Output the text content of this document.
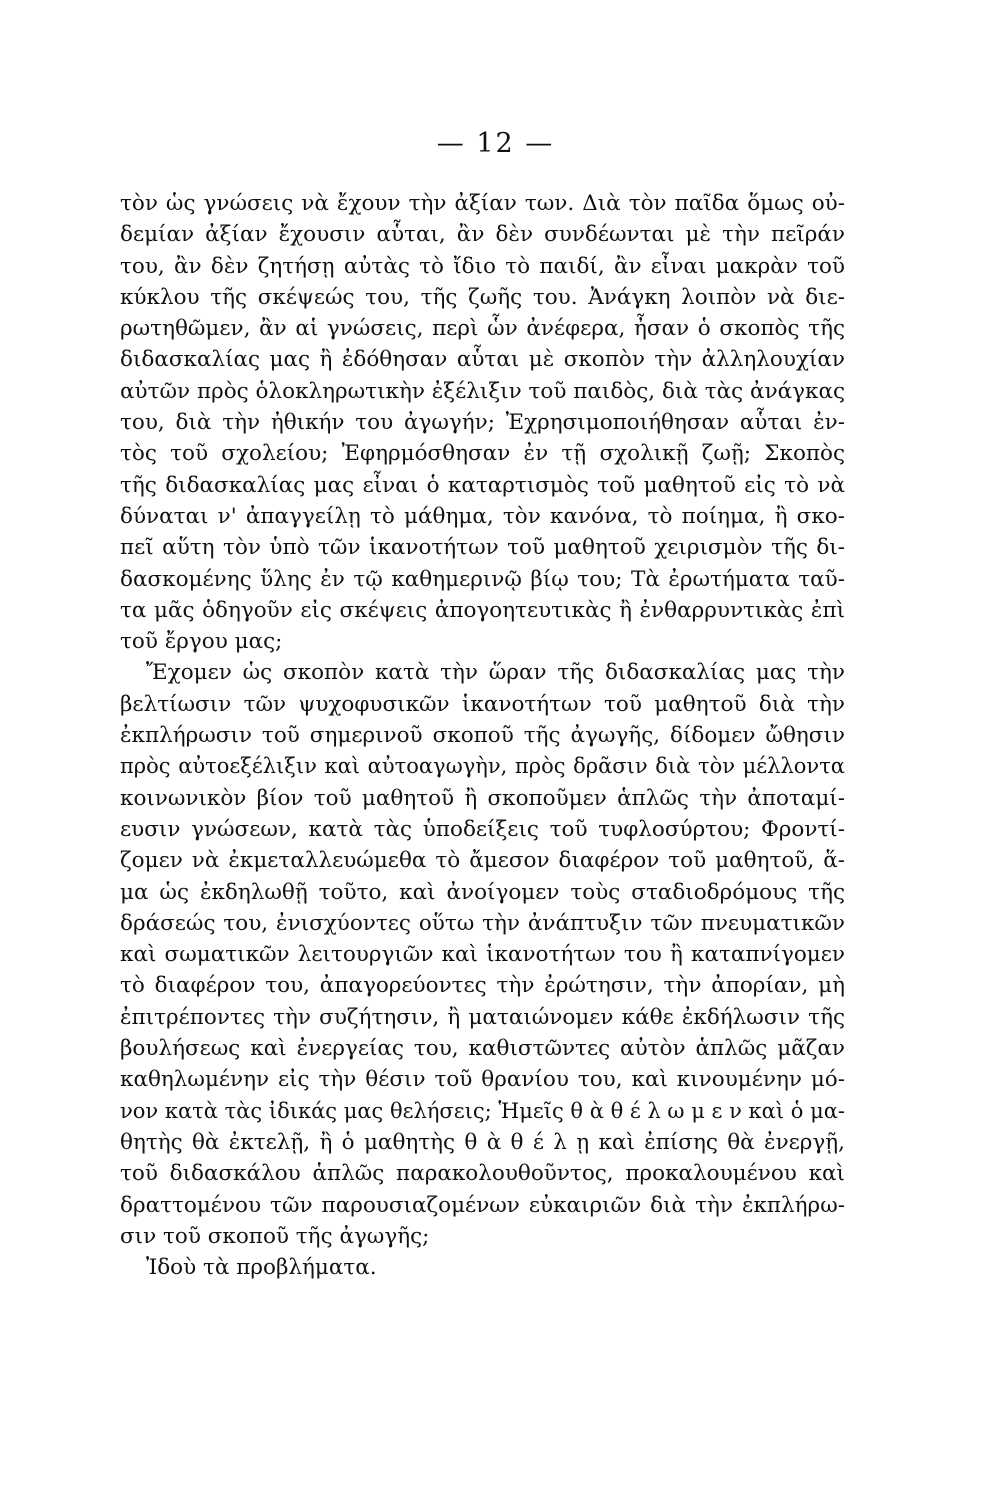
— 12 —
τὸν ὡς γνώσεις νὰ ἔχουν τὴν ἀξίαν των. Διὰ τὸν παῖδα ὅμως οὐ-
δεμίαν ἀξίαν ἔχουσιν αὗται, ἂν δὲν συνδέωνται μὲ τὴν πεῖράν
του, ἂν δὲν ζητήσῃ αὐτὰς τὸ ἴδιο τὸ παιδί, ἂν εἶναι μακρὰν τοῦ
κύκλου τῆς σκέψεώς του, τῆς ζωῆς του. Ἀνάγκη λοιπὸν νὰ διε-
ρωτηθῶμεν, ἂν αἱ γνώσεις, περὶ ὧν ἀνέφερα, ἦσαν ὁ σκοπὸς τῆς
διδασκαλίας μας ἢ ἐδόθησαν αὗται μὲ σκοπὸν τὴν ἀλληλουχίαν
αὐτῶν πρὸς ὁλοκληρωτικὴν ἐξέλιξιν τοῦ παιδὸς, διὰ τὰς ἀνάγκας
του, διὰ τὴν ἠθικήν του ἀγωγήν; Ἐχρησιμοποιήθησαν αὗται ἐν-
τὸς τοῦ σχολείου; Ἐφηρμόσθησαν ἐν τῇ σχολικῇ ζωῇ; Σκοπὸς
τῆς διδασκαλίας μας εἶναι ὁ καταρτισμὸς τοῦ μαθητοῦ εἰς τὸ νὰ
δύναται ν' ἀπαγγείλῃ τὸ μάθημα, τὸν κανόνα, τὸ ποίημα, ἢ σκο-
πεῖ αὕτη τὸν ὑπὸ τῶν ἱκανοτήτων τοῦ μαθητοῦ χειρισμὸν τῆς δι-
δασκομένης ὕλης ἐν τῷ καθημερινῷ βίῳ του; Τὰ ἐρωτήματα ταῦ-
τα μᾶς ὁδηγοῦν εἰς σκέψεις ἀπογοητευτικὰς ἢ ἐνθαρρυντικὰς ἐπὶ
τοῦ ἔργου μας;
Ἔχομεν ὡς σκοπὸν κατὰ τὴν ὥραν τῆς διδασκαλίας μας τὴν
βελτίωσιν τῶν ψυχοφυσικῶν ἱκανοτήτων τοῦ μαθητοῦ διὰ τὴν
ἐκπλήρωσιν τοῦ σημερινοῦ σκοποῦ τῆς ἀγωγῆς, δίδομεν ὤθησιν
πρὸς αὐτοεξέλιξιν καὶ αὐτοαγωγὴν, πρὸς δρᾶσιν διὰ τὸν μέλλοντα
κοινωνικὸν βίον τοῦ μαθητοῦ ἢ σκοποῦμεν ἁπλῶς τὴν ἀποταμί-
ευσιν γνώσεων, κατὰ τὰς ὑποδείξεις τοῦ τυφλοσύρτου; Φροντί-
ζομεν νὰ ἐκμεταλλευώμεθα τὸ ἄμεσον διαφέρον τοῦ μαθητοῦ, ἅ-
μα ὡς ἐκδηλωθῇ τοῦτο, καὶ ἀνοίγομεν τοὺς σταδιοδρόμους τῆς
δράσεώς του, ἐνισχύοντες οὕτω τὴν ἀνάπτυξιν τῶν πνευματικῶν
καὶ σωματικῶν λειτουργιῶν καὶ ἱκανοτήτων του ἢ καταπνίγομεν
τὸ διαφέρον του, ἀπαγορεύοντες τὴν ἐρώτησιν, τὴν ἀπορίαν, μὴ
ἐπιτρέποντες τὴν συζήτησιν, ἢ ματαιώνομεν κάθε ἐκδήλωσιν τῆς
βουλήσεως καὶ ἐνεργείας του, καθιστῶντες αὐτὸν ἁπλῶς μᾶζαν
καθηλωμένην εἰς τὴν θέσιν τοῦ θρανίου του, καὶ κινουμένην μό-
νον κατὰ τὰς ἰδικάς μας θελήσεις; Ἡμεῖς θ ὰ θ έ λ ω μ ε ν καὶ ὁ μα-
θητὴς θὰ ἐκτελῇ, ἢ ὁ μαθητὴς θ ὰ θ έ λ ῃ καὶ ἐπίσης θὰ ἐνεργῇ,
τοῦ διδασκάλου ἁπλῶς παρακολουθοῦντος, προκαλουμένου καὶ
δραττομένου τῶν παρουσιαζομένων εὐκαιριῶν διὰ τὴν ἐκπλήρω-
σιν τοῦ σκοποῦ τῆς ἀγωγῆς;
Ἰδοὺ τὰ προβλήματα.
